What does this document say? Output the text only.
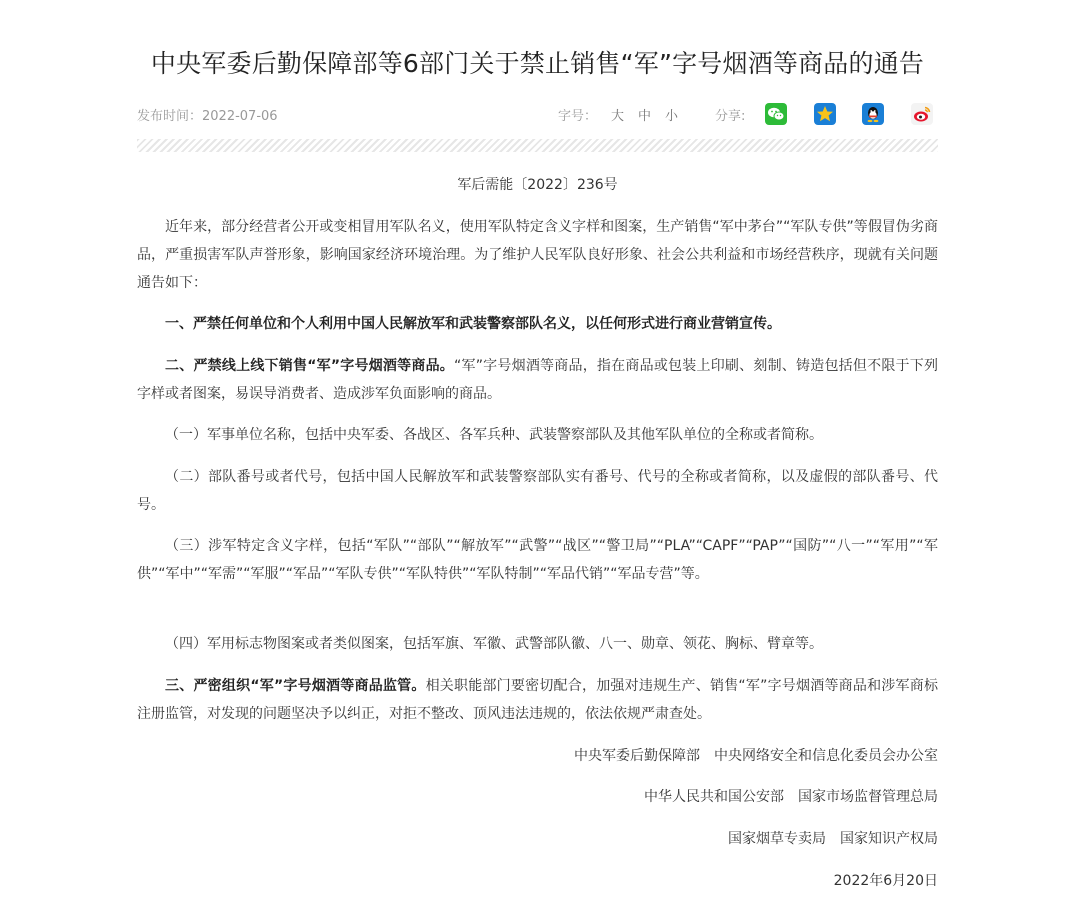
中央军委后勤保障部等6部门关于禁止销售“军”字号烟酒等商品的通告
发布时间：2022-07-06	字号： 大 中 小	分享:
军后需能〔2022〕236号
近年来，部分经营者公开或变相冒用军队名义，使用军队特定含义字样和图案，生产销售“军中茅台”“军队专供”等假冒伪劣商品，严重损害军队声誉形象，影响国家经济环境治理。为了维护人民军队良好形象、社会公共利益和市场经营秩序，现就有关问题通告如下：
一、严禁任何单位和个人利用中国人民解放军和武装警察部队名义，以任何形式进行商业营销宣传。
二、严禁线上线下销售“军”字号烟酒等商品。“军”字号烟酒等商品，指在商品或包装上印刷、刻制、铸造包括但不限于下列字样或者图案，易误导消费者、造成涉军负面影响的商品。
（一）军事单位名称，包括中央军委、各战区、各军兵种、武装警察部队及其他军队单位的全称或者简称。
（二）部队番号或者代号，包括中国人民解放军和武装警察部队实有番号、代号的全称或者简称，以及虚假的部队番号、代号。
（三）涉军特定含义字样，包括“军队”“部队”“解放军”“武警”“战区”“警卫局”“PLA”“CAPF”“PAP”“国防”“八一”“军用”“军供”“军中”“军需”“军服”“军品”“军队专供”“军队特供”“军队特制”“军品代销”“军品专营”等。
（四）军用标志物图案或者类似图案，包括军旗、军徽、武警部队徽、八一、勋章、领花、胸标、臂章等。
三、严密组织“军”字号烟酒等商品监管。相关职能部门要密切配合，加强对违规生产、销售“军”字号烟酒等商品和涉军商标注册监管，对发现的问题坚决予以纠正，对拒不整改、顶风违法违规的，依法依规严肃查处。
中央军委后勤保障部　中央网络安全和信息化委员会办公室
中华人民共和国公安部　国家市场监督管理总局
国家烟草专卖局　国家知识产权局
2022年6月20日
